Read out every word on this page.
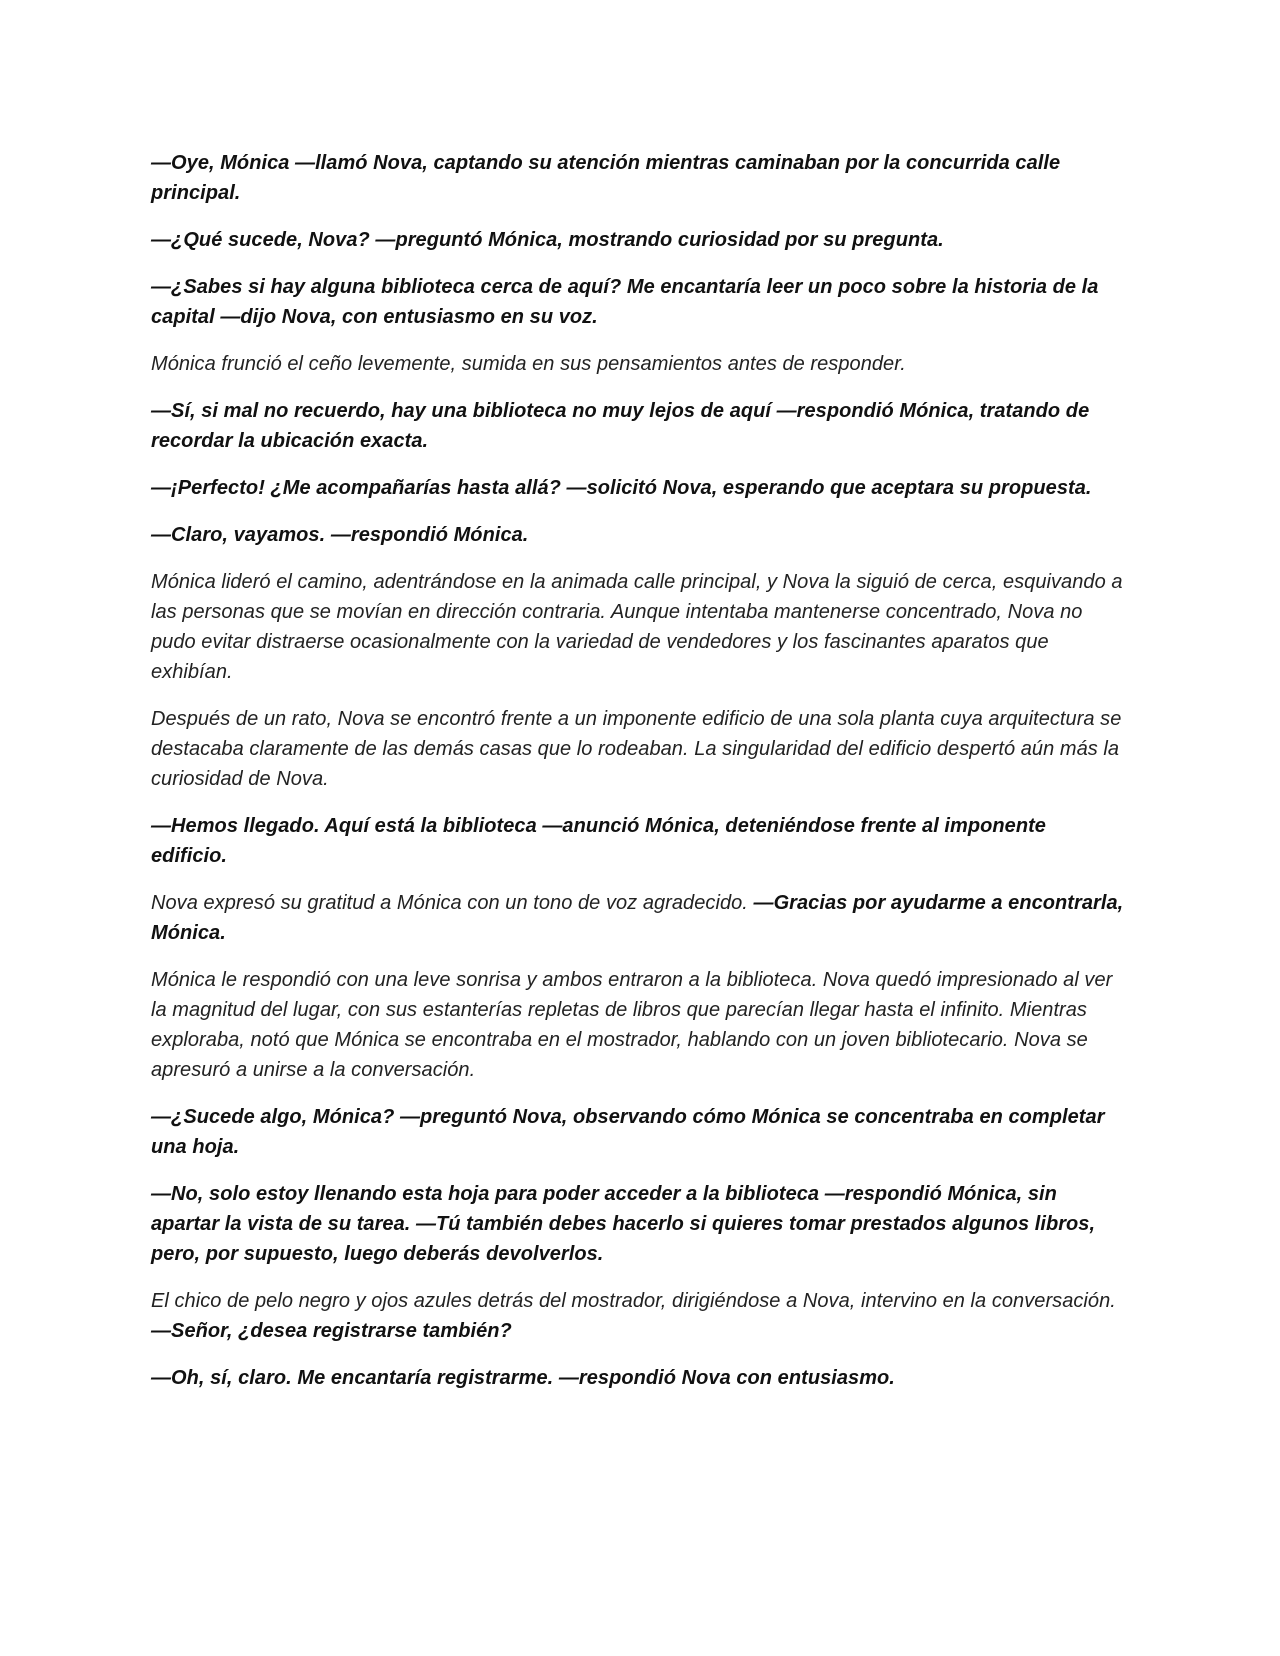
—Oye, Mónica —llamó Nova, captando su atención mientras caminaban por la concurrida calle principal.

—¿Qué sucede, Nova? —preguntó Mónica, mostrando curiosidad por su pregunta.

—¿Sabes si hay alguna biblioteca cerca de aquí? Me encantaría leer un poco sobre la historia de la capital —dijo Nova, con entusiasmo en su voz.

Mónica frunció el ceño levemente, sumida en sus pensamientos antes de responder.

—Sí, si mal no recuerdo, hay una biblioteca no muy lejos de aquí —respondió Mónica, tratando de recordar la ubicación exacta.

—¡Perfecto! ¿Me acompañarías hasta allá? —solicitó Nova, esperando que aceptara su propuesta.

—Claro, vayamos. —respondió Mónica.

Mónica lideró el camino, adentrándose en la animada calle principal, y Nova la siguió de cerca, esquivando a las personas que se movían en dirección contraria. Aunque intentaba mantenerse concentrado, Nova no pudo evitar distraerse ocasionalmente con la variedad de vendedores y los fascinantes aparatos que exhibían.

Después de un rato, Nova se encontró frente a un imponente edificio de una sola planta cuya arquitectura se destacaba claramente de las demás casas que lo rodeaban. La singularidad del edificio despertó aún más la curiosidad de Nova.

—Hemos llegado. Aquí está la biblioteca —anunció Mónica, deteniéndose frente al imponente edificio.

Nova expresó su gratitud a Mónica con un tono de voz agradecido. —Gracias por ayudarme a encontrarla, Mónica.

Mónica le respondió con una leve sonrisa y ambos entraron a la biblioteca. Nova quedó impresionado al ver la magnitud del lugar, con sus estanterías repletas de libros que parecían llegar hasta el infinito. Mientras exploraba, notó que Mónica se encontraba en el mostrador, hablando con un joven bibliotecario. Nova se apresuró a unirse a la conversación.

—¿Sucede algo, Mónica? —preguntó Nova, observando cómo Mónica se concentraba en completar una hoja.

—No, solo estoy llenando esta hoja para poder acceder a la biblioteca —respondió Mónica, sin apartar la vista de su tarea. —Tú también debes hacerlo si quieres tomar prestados algunos libros, pero, por supuesto, luego deberás devolverlos.

El chico de pelo negro y ojos azules detrás del mostrador, dirigiéndose a Nova, intervino en la conversación. —Señor, ¿desea registrarse también?

—Oh, sí, claro. Me encantaría registrarme. —respondió Nova con entusiasmo.
